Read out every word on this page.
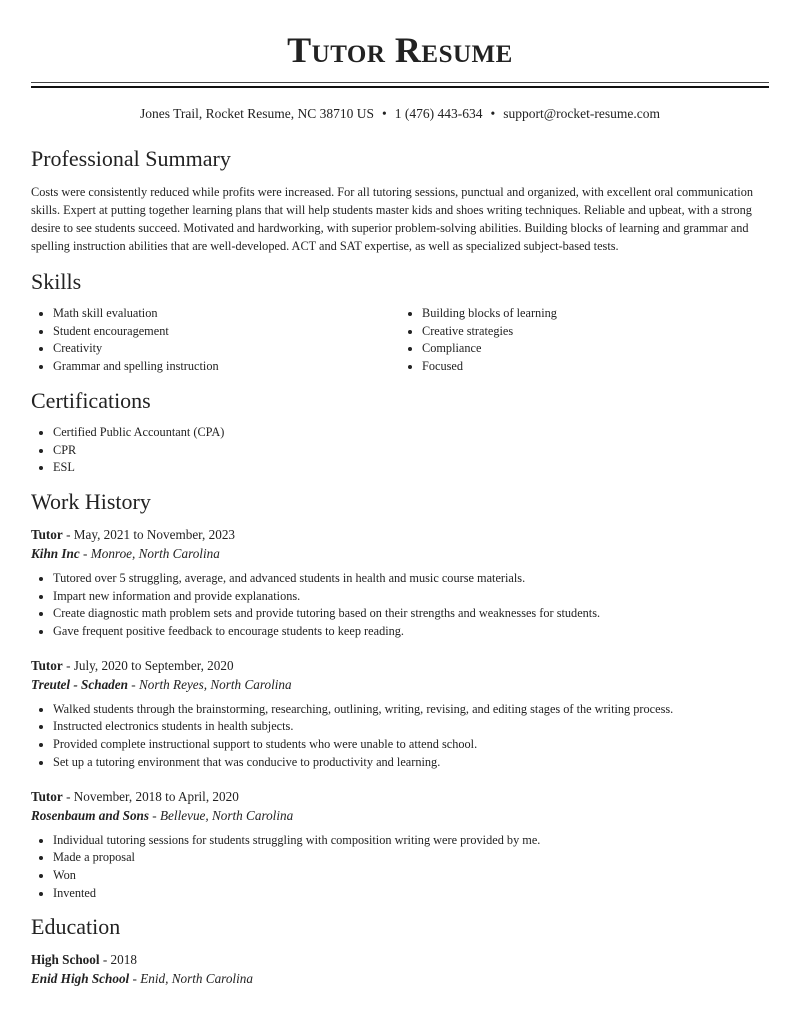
Tutor Resume
Jones Trail, Rocket Resume, NC 38710 US • 1 (476) 443-634 • support@rocket-resume.com
Professional Summary

Costs were consistently reduced while profits were increased. For all tutoring sessions, punctual and organized, with excellent oral communication skills. Expert at putting together learning plans that will help students master kids and shoes writing techniques. Reliable and upbeat, with a strong desire to see students succeed. Motivated and hardworking, with superior problem-solving abilities. Building blocks of learning and grammar and spelling instruction abilities that are well-developed. ACT and SAT expertise, as well as specialized subject-based tests.

Skills
• Math skill evaluation
• Student encouragement
• Creativity
• Grammar and spelling instruction
• Building blocks of learning
• Creative strategies
• Compliance
• Focused
Certifications
• Certified Public Accountant (CPA)
• CPR
• ESL
Work History
Tutor - May, 2021 to November, 2023
Kihn Inc - Monroe, North Carolina
• Tutored over 5 struggling, average, and advanced students in health and music course materials.
• Impart new information and provide explanations.
• Create diagnostic math problem sets and provide tutoring based on their strengths and weaknesses for students.
• Gave frequent positive feedback to encourage students to keep reading.
Tutor - July, 2020 to September, 2020
Treutel - Schaden - North Reyes, North Carolina
• Walked students through the brainstorming, researching, outlining, writing, revising, and editing stages of the writing process.
• Instructed electronics students in health subjects.
• Provided complete instructional support to students who were unable to attend school.
• Set up a tutoring environment that was conducive to productivity and learning.
Tutor - November, 2018 to April, 2020
Rosenbaum and Sons - Bellevue, North Carolina
• Individual tutoring sessions for students struggling with composition writing were provided by me.
• Made a proposal
• Won
• Invented
Education
High School - 2018
Enid High School - Enid, North Carolina
